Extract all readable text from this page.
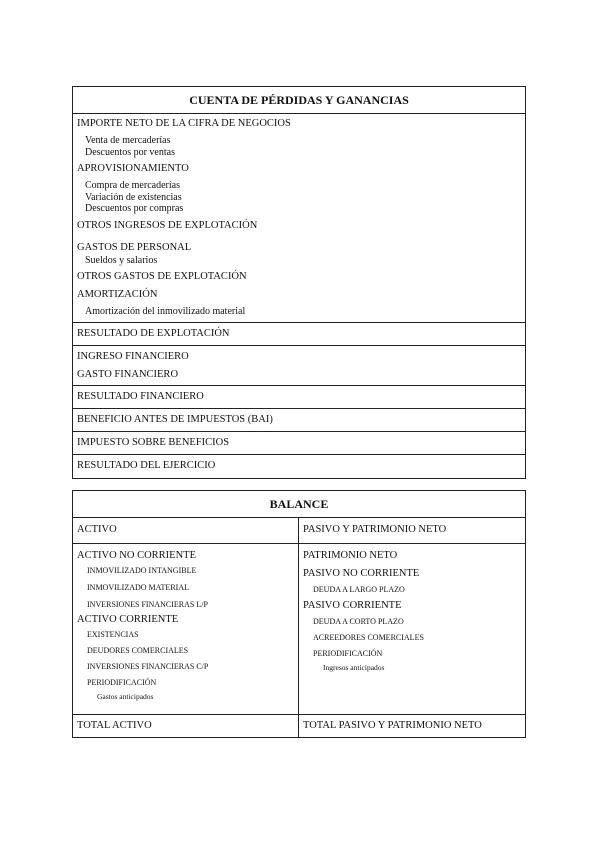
CUENTA DE PÉRDIDAS Y GANANCIAS
IMPORTE NETO DE LA CIFRA DE NEGOCIOS
Venta de mercaderías
Descuentos por ventas
APROVISIONAMIENTO
Compra de mercaderías
Variación de existencias
Descuentos por compras
OTROS INGRESOS DE EXPLOTACIÓN
GASTOS DE PERSONAL
Sueldos y salarios
OTROS GASTOS DE EXPLOTACIÓN
AMORTIZACIÓN
Amortización del inmovilizado material
RESULTADO DE EXPLOTACIÓN
INGRESO FINANCIERO
GASTO FINANCIERO
RESULTADO FINANCIERO
BENEFICIO ANTES DE IMPUESTOS (BAI)
IMPUESTO SOBRE BENEFICIOS
RESULTADO DEL EJERCICIO
BALANCE
ACTIVO	PASIVO Y PATRIMONIO NETO
ACTIVO NO CORRIENTE
INMOVILIZADO INTANGIBLE
INMOVILIZADO MATERIAL
INVERSIONES FINANCIERAS L/P
ACTIVO CORRIENTE
EXISTENCIAS
DEUDORES COMERCIALES
INVERSIONES FINANCIERAS C/P
PERIODIFICACIÓN
Gastos anticipados
PATRIMONIO NETO
PASIVO NO CORRIENTE
DEUDA A LARGO PLAZO
PASIVO CORRIENTE
DEUDA A CORTO PLAZO
ACREEDORES COMERCIALES
PERIODIFICACIÓN
Ingresos anticipados
TOTAL ACTIVO	TOTAL PASIVO Y PATRIMONIO NETO
